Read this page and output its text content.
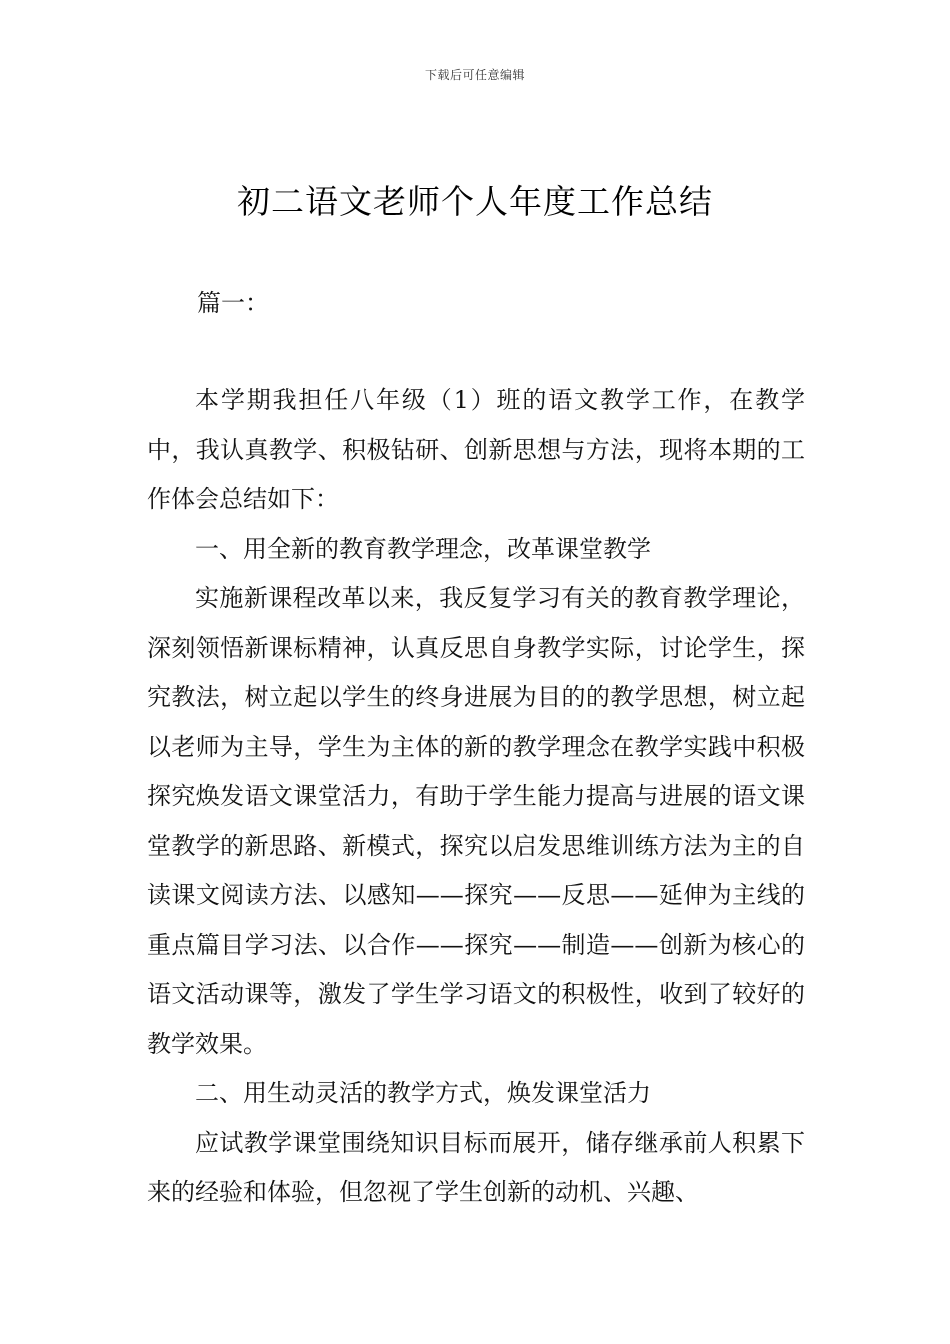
下载后可任意编辑
初二语文老师个人年度工作总结
篇一：

本学期我担任八年级（1）班的语文教学工作，在教学中，我认真教学、积极钻研、创新思想与方法，现将本期的工作体会总结如下：

一、用全新的教育教学理念，改革课堂教学

实施新课程改革以来，我反复学习有关的教育教学理论，深刻领悟新课标精神，认真反思自身教学实际，讨论学生，探究教法，树立起以学生的终身进展为目的的教学思想，树立起以老师为主导，学生为主体的新的教学理念在教学实践中积极探究焕发语文课堂活力，有助于学生能力提高与进展的语文课堂教学的新思路、新模式，探究以启发思维训练方法为主的自读课文阅读方法、以感知——探究——反思——延伸为主线的重点篇目学习法、以合作——探究——制造——创新为核心的语文活动课等，激发了学生学习语文的积极性，收到了较好的教学效果。

二、用生动灵活的教学方式，焕发课堂活力

应试教学课堂围绕知识目标而展开，储存继承前人积累下来的经验和体验，但忽视了学生创新的动机、兴趣、
